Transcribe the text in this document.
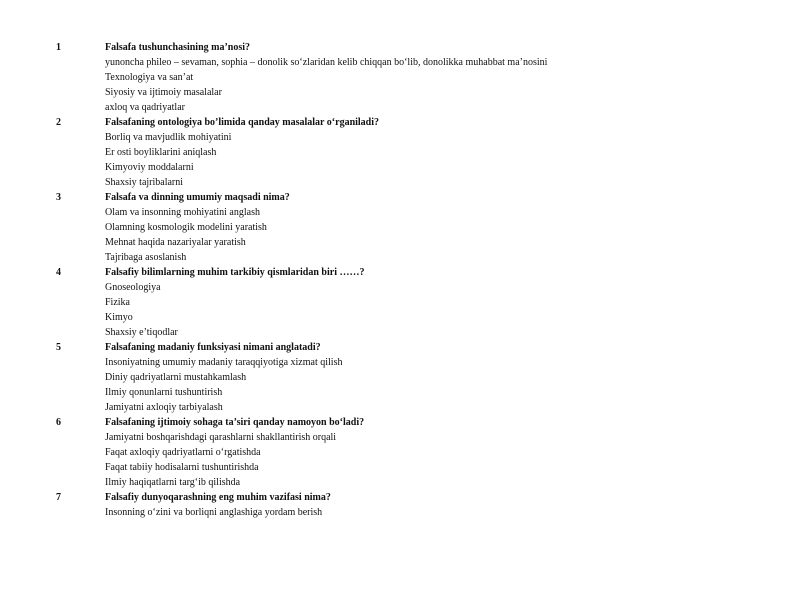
1	Falsafa tushunchasining ma’nosi?
yunoncha phileo – sevaman, sophia – donolik so‘zlaridan kelib chiqqan bo‘lib, donolikka muhabbat ma’nosini
Texnologiya va san’at
Siyosiy va ijtimoiy masalalar
axloq va qadriyatlar
2	Falsafaning ontologiya bo’limida qanday masalalar o‘rganiladi?
Borliq va mavjudlik mohiyatini
Er osti boyliklarini aniqlash
Kimyoviy moddalarni
Shaxsiy tajribalarni
3	Falsafa va dinning umumiy maqsadi nima?
Olam va insonning mohiyatini anglash
Olamning kosmologik modelini yaratish
Mehnat haqida nazariyalar yaratish
Tajribaga asoslanish
4	Falsafiy bilimlarning muhim tarkibiy qismlaridan biri ……?
Gnoseologiya
Fizika
Kimyo
Shaxsiy e’tiqodlar
5	Falsafaning madaniy funksiyasi nimani anglatadi?
Insoniyatning umumiy madaniy taraqqiyotiga xizmat qilish
Diniy qadriyatlarni mustahkamlash
Ilmiy qonunlarni tushuntirish
Jamiyatni axloqiy tarbiyalash
6	Falsafaning ijtimoiy sohaga ta’siri qanday namoyon bo‘ladi?
Jamiyatni boshqarishdagi qarashlarni shakllantirish orqali
Faqat axloqiy qadriyatlarni o‘rgatishda
Faqat tabiiy hodisalarni tushuntirishda
Ilmiy haqiqatlarni targ‘ib qilishda
7	Falsafiy dunyoqarashning eng muhim vazifasi nima?
Insonning o‘zini va borliqni anglashiga yordam berish
